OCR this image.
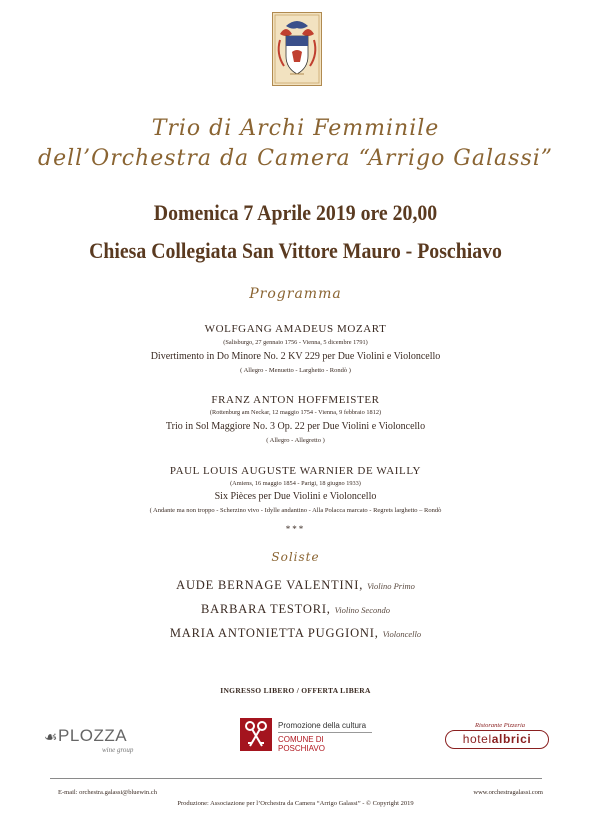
Trio di Archi Femminile
dell’Orchestra da Camera “Arrigo Galassi”
Domenica 7 Aprile 2019 ore 20,00
Chiesa Collegiata San Vittore Mauro - Poschiavo
Programma
WOLFGANG AMADEUS MOZART
(Salisburgo, 27 gennaio 1756 - Vienna, 5 dicembre 1791)
Divertimento in Do Minore No. 2 KV 229 per Due Violini e Violoncello
( Allegro - Menuetto - Larghetto - Rondò )
FRANZ ANTON HOFFMEISTER
(Rottenburg am Neckar, 12 maggio 1754 - Vienna, 9 febbraio 1812)
Trio in Sol Maggiore No. 3 Op. 22 per Due Violini e Violoncello
( Allegro - Allegretto )
PAUL LOUIS AUGUSTE WARNIER DE WAILLY
(Amiens, 16 maggio 1854 - Parigi, 18 giugno 1933)
Six Pièces per Due Violini e Violoncello
( Andante ma non troppo - Scherzino vivo - Idylle andantino - Alla Polacca marcato - Regrets larghetto – Rondò
***
Soliste
AUDE BERNAGE VALENTINI, Violino Primo
BARBARA TESTORI, Violino Secondo
MARIA ANTONIETTA PUGGIONI, Violoncello
INGRESSO LIBERO / OFFERTA LIBERA
☙ PLOZZA
wine group
Promozione della cultura
COMUNE DI POSCHIAVO
Ristorante Pizzeria
hotelalbrici
E-mail: orchestra.galassi@bluewin.ch	www.orchestragalassi.com
Produzione: Associazione per l’Orchestra da Camera “Arrigo Galassi” - © Copyright 2019
